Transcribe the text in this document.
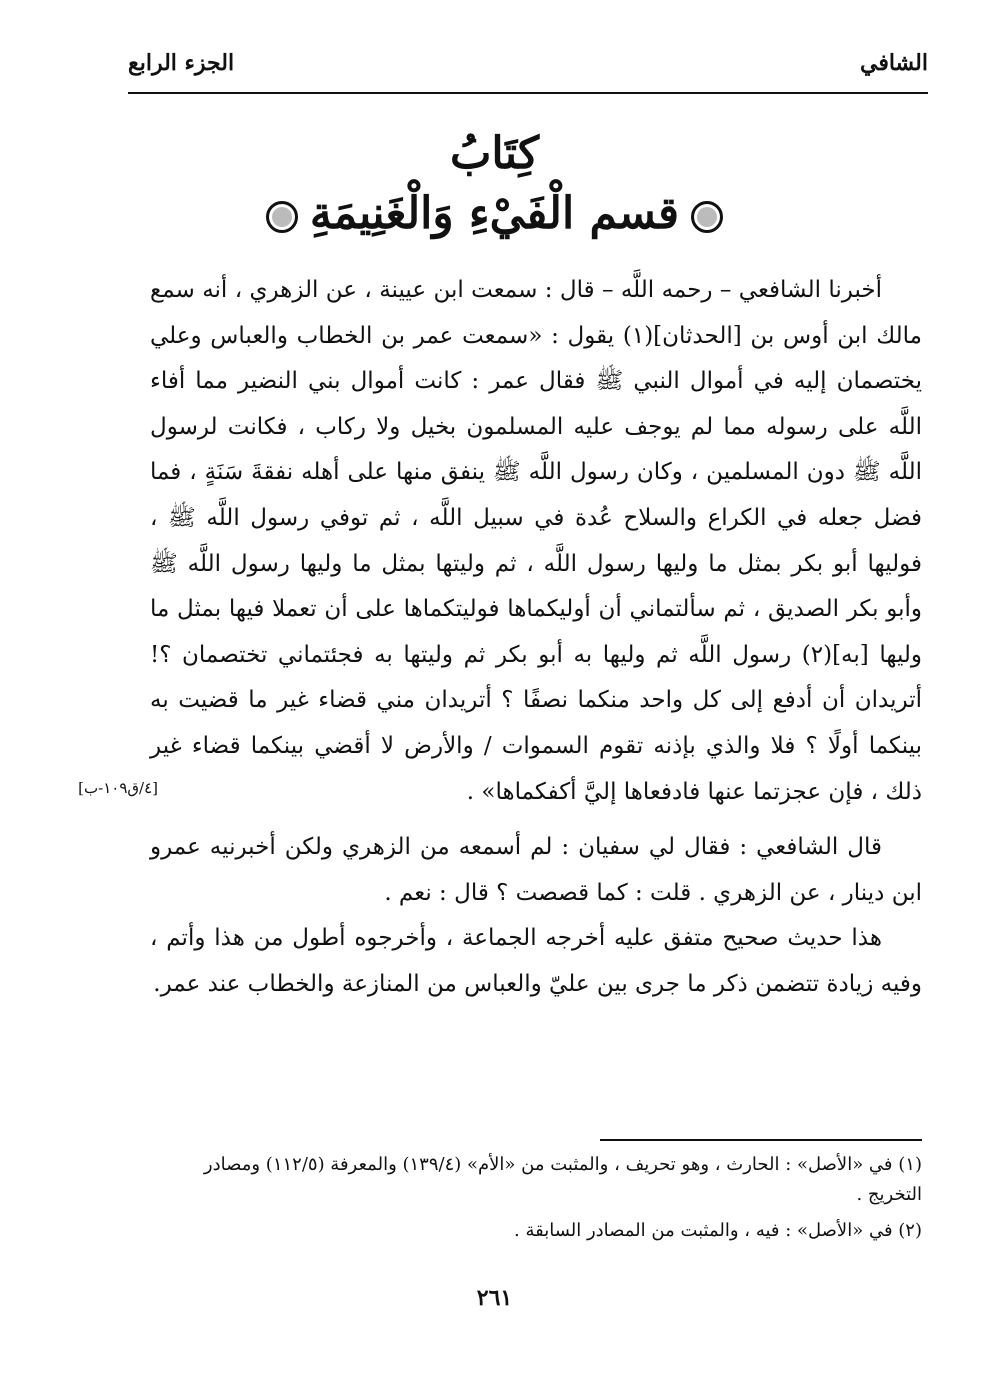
الشافي
الجزء الرابع
كِتَابُ
قسم الْفَيْءِ وَالْغَنِيمَةِ

أخبرنا الشافعي – رحمه اللَّه – قال : سمعت ابن عيينة ، عن الزهري ، أنه سمع مالك ابن أوس بن [الحدثان](١) يقول : «سمعت عمر بن الخطاب والعباس وعلي يختصمان إليه في أموال النبي ﷺ فقال عمر : كانت أموال بني النضير مما أفاء اللَّه على رسوله مما لم يوجف عليه المسلمون بخيل ولا ركاب ، فكانت لرسول اللَّه ﷺ دون المسلمين ، وكان رسول اللَّه ﷺ ينفق منها على أهله نفقةَ سَنَةٍ ، فما فضل جعله في الكراع والسلاح عُدة في سبيل اللَّه ، ثم توفي رسول اللَّه ﷺ ، فوليها أبو بكر بمثل ما وليها رسول اللَّه ، ثم وليتها بمثل ما وليها رسول اللَّه ﷺ وأبو بكر الصديق ، ثم سألتماني أن أوليكماها فوليتكماها على أن تعملا فيها بمثل ما وليها [به](٢) رسول اللَّه ثم وليها به أبو بكر ثم وليتها به فجئتماني تختصمان ؟! أتريدان أن أدفع إلى كل واحد منكما نصفًا ؟ أتريدان مني قضاء غير ما قضيت به بينكما أولًا ؟ فلا والذي بإذنه تقوم السموات / والأرض لا أقضي بينكما قضاء غير ذلك ، فإن عجزتما عنها فادفعاها إليَّ أكفكماها» .

قال الشافعي : فقال لي سفيان : لم أسمعه من الزهري ولكن أخبرنيه عمرو ابن دينار ، عن الزهري . قلت : كما قصصت ؟ قال : نعم .

هذا حديث صحيح متفق عليه أخرجه الجماعة ، وأخرجوه أطول من هذا وأتم ، وفيه زيادة تتضمن ذكر ما جرى بين عليّ والعباس من المنازعة والخطاب عند عمر.

[٤/ق١٠٩-ب]

(١) في «الأصل» : الحارث ، وهو تحريف ، والمثبت من «الأم» (١٣٩/٤) والمعرفة (١١٢/٥) ومصادر التخريج .

(٢) في «الأصل» : فيه ، والمثبت من المصادر السابقة .

٢٦١
